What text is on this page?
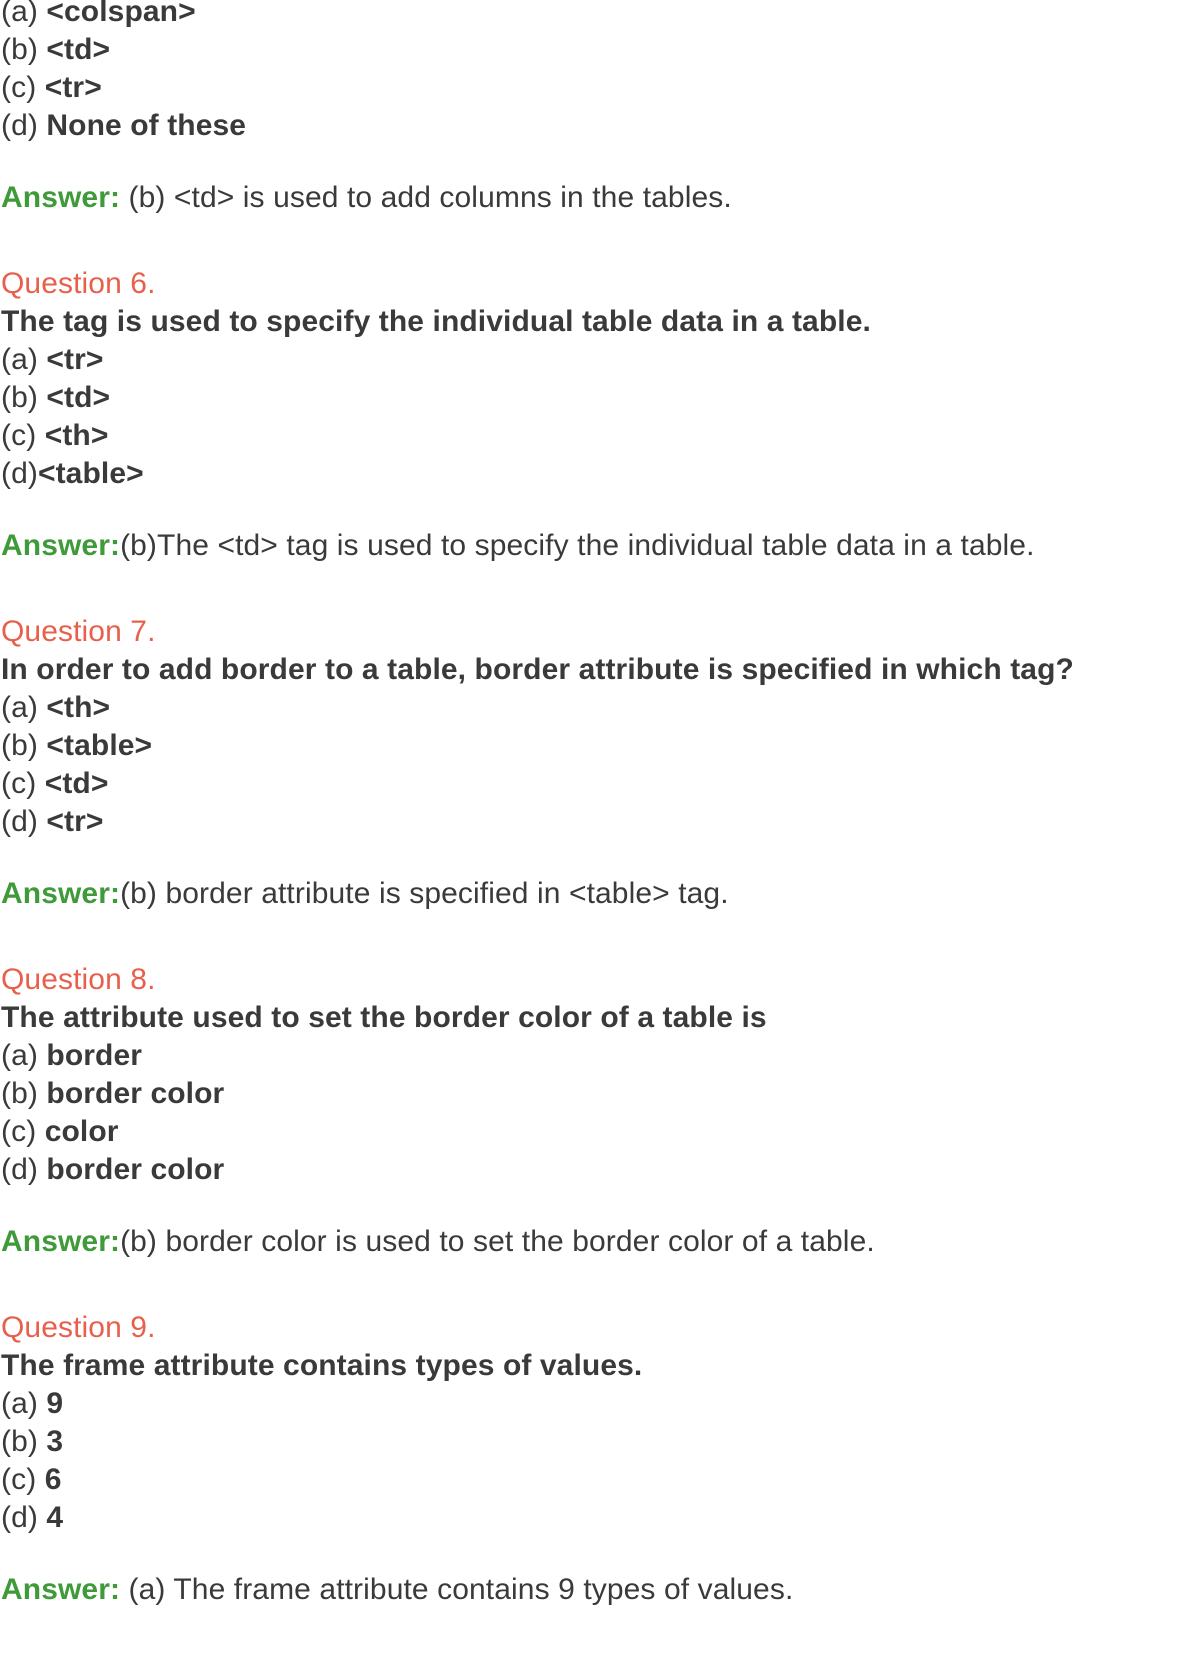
(a) <colspan>
(b) <td>
(c) <tr>
(d) None of these
Answer: (b) <td> is used to add columns in the tables.
Question 6.
The tag is used to specify the individual table data in a table.
(a) <tr>
(b) <td>
(c) <th>
(d)<table>
Answer:(b)The <td> tag is used to specify the individual table data in a table.
Question 7.
In order to add border to a table, border attribute is specified in which tag?
(a) <th>
(b) <table>
(c) <td>
(d) <tr>
Answer:(b) border attribute is specified in <table> tag.
Question 8.
The attribute used to set the border color of a table is
(a) border
(b) border color
(c) color
(d) border color
Answer:(b) border color is used to set the border color of a table.
Question 9.
The frame attribute contains types of values.
(a) 9
(b) 3
(c) 6
(d) 4
Answer: (a) The frame attribute contains 9 types of values.
